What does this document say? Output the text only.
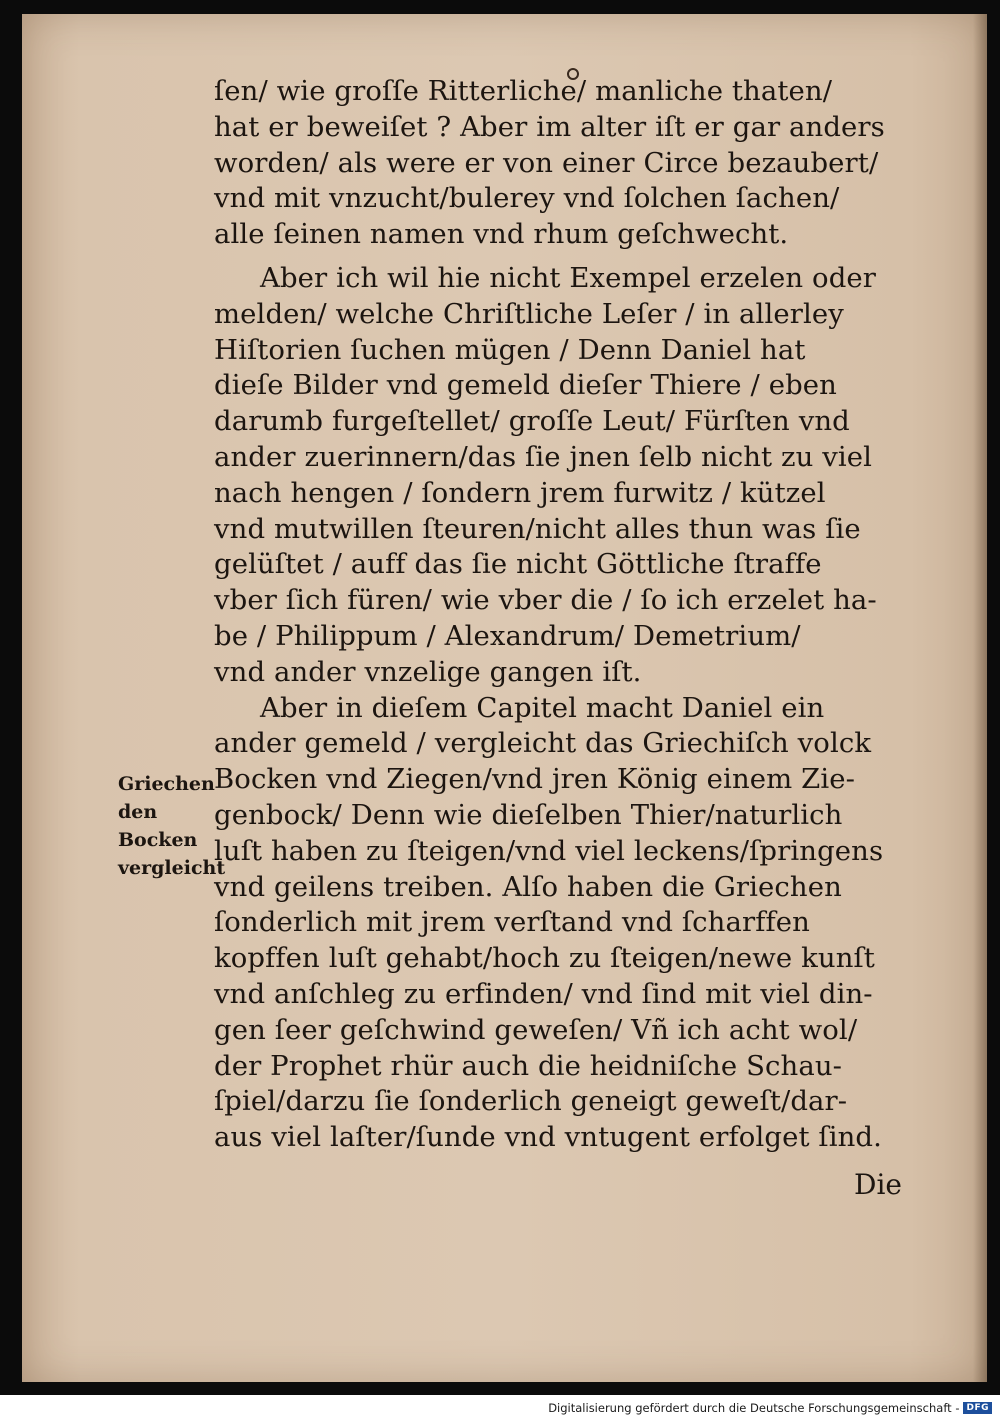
ſen/ wie groſſe Ritterliche/ manliche thaten/
hat er beweiſet ? Aber im alter iſt er gar anders
worden/ als were er von einer Circe bezaubert/
vnd mit vnzucht/bulerey vnd ſolchen ſachen/
alle ſeinen namen vnd rhum geſchwecht.
Aber ich wil hie nicht Exempel erzelen oder
melden/ welche Chriſtliche Leſer / in allerley
Hiſtorien ſuchen mügen / Denn Daniel hat
dieſe Bilder vnd gemeld dieſer Thiere / eben
darumb furgeſtellet/ groſſe Leut/ Fürſten vnd
ander zuerinnern/das ſie jnen ſelb nicht zu viel
nach hengen / ſondern jrem furwitz / kützel
vnd mutwillen ſteuren/nicht alles thun was ſie
gelüſtet / auff das ſie nicht Göttliche ſtraffe
vber ſich füren/ wie vber die / ſo ich erzelet ha-
be / Philippum / Alexandrum/ Demetrium/
vnd ander vnzelige gangen iſt.
Aber in dieſem Capitel macht Daniel ein
ander gemeld / vergleicht das Griechiſch volck
Bocken vnd Ziegen/vnd jren König einem Zie-
genbock/ Denn wie dieſelben Thier/naturlich
luſt haben zu ſteigen/vnd viel leckens/ſpringens
vnd geilens treiben. Alſo haben die Griechen
ſonderlich mit jrem verſtand vnd ſcharffen
kopffen luſt gehabt/hoch zu ſteigen/newe kunſt
vnd anſchleg zu erfinden/ vnd ſind mit viel din-
gen ſeer geſchwind geweſen/ Vñ ich acht wol/
der Prophet rhür auch die heidniſche Schau-
ſpiel/darzu ſie ſonderlich geneigt geweſt/dar-
aus viel laſter/ſunde vnd vntugent erfolget ſind.
Die
Griechen
den
Bocken
vergleicht
Digitalisierung gefördert durch die Deutsche Forschungsgemeinschaft - DFG
